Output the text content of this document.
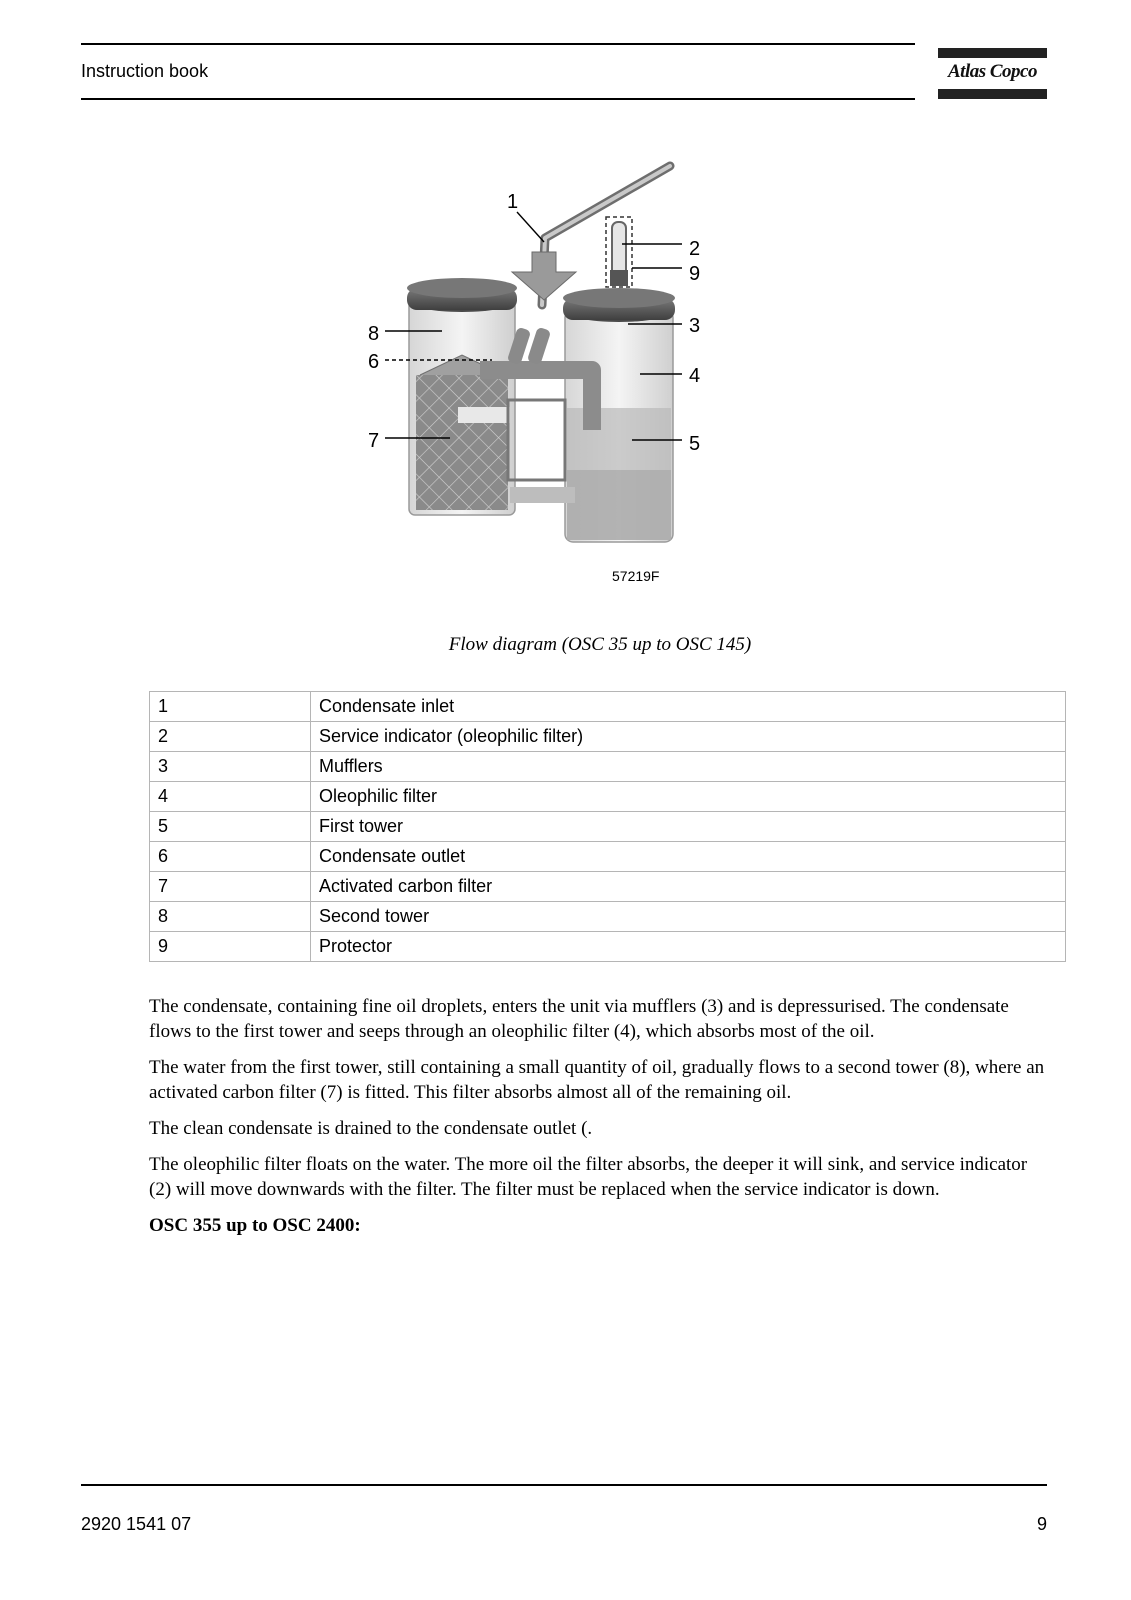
Instruction book	Atlas Copco
1
2
9
3
8
6
4
7	5
57219F
Flow diagram (OSC 35 up to OSC 145)
1	Condensate inlet
2	Service indicator (oleophilic filter)
3	Mufflers
4	Oleophilic filter
5	First tower
6	Condensate outlet
7	Activated carbon filter
8	Second tower
9	Protector

The condensate, containing fine oil droplets, enters the unit via mufflers (3) and is depressurised. The condensate flows to the first tower and seeps through an oleophilic filter (4), which absorbs most of the oil.

The water from the first tower, still containing a small quantity of oil, gradually flows to a second tower (8), where an activated carbon filter (7) is fitted. This filter absorbs almost all of the remaining oil.

The clean condensate is drained to the condensate outlet (.

The oleophilic filter floats on the water. The more oil the filter absorbs, the deeper it will sink, and service indicator (2) will move downwards with the filter. The filter must be replaced when the service indicator is down.

OSC 355 up to OSC 2400:

2920 1541 07	9
